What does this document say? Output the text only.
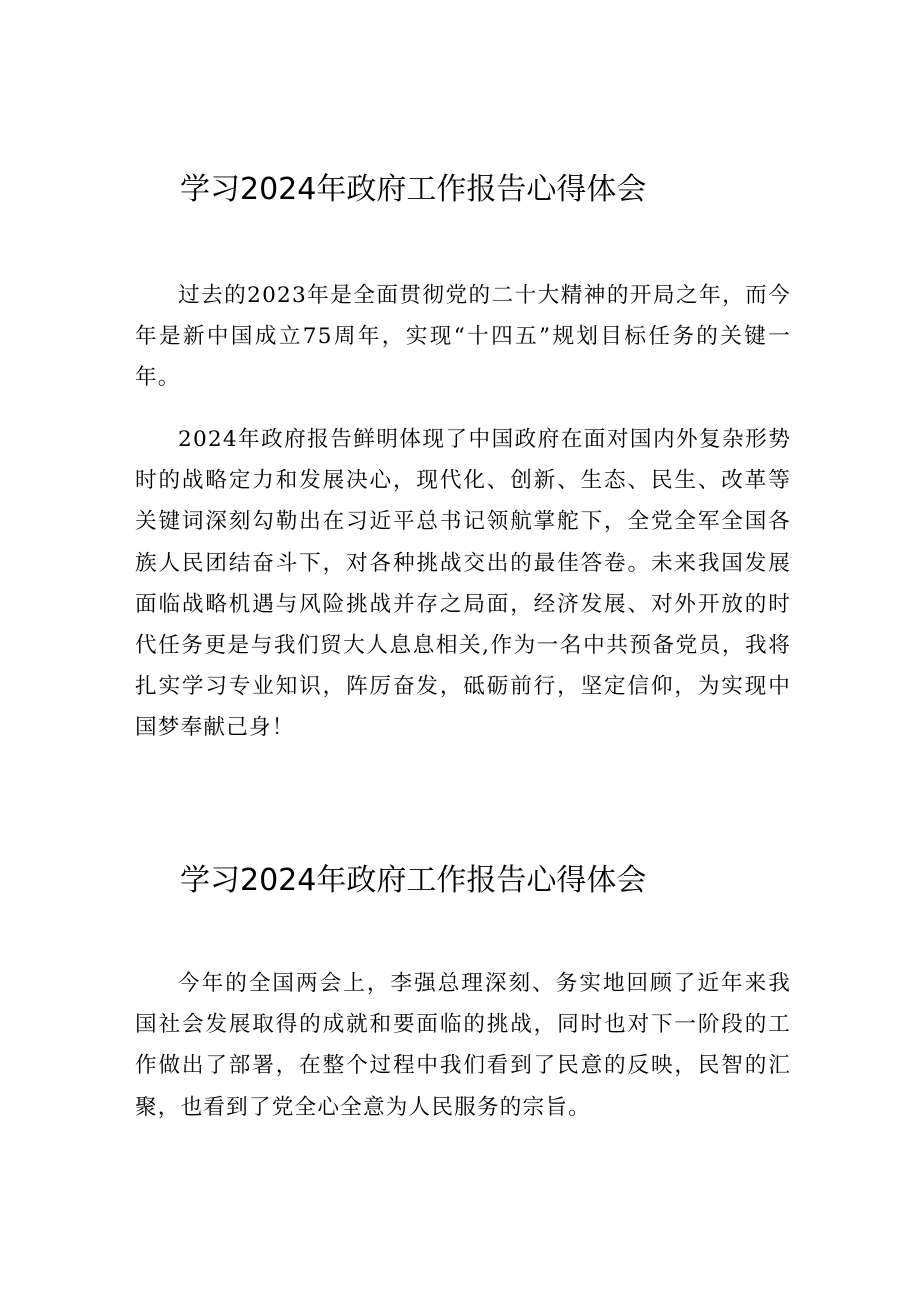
学习2024年政府工作报告心得体会

过去的2023年是全面贯彻党的二十大精神的开局之年，而今年是新中国成立75周年，实现“十四五”规划目标任务的关键一年。

2024年政府报告鲜明体现了中国政府在面对国内外复杂形势时的战略定力和发展决心，现代化、创新、生态、民生、改革等关键词深刻勾勒出在习近平总书记领航掌舵下，全党全军全国各族人民团结奋斗下，对各种挑战交出的最佳答卷。未来我国发展面临战略机遇与风险挑战并存之局面，经济发展、对外开放的时代任务更是与我们贸大人息息相关,作为一名中共预备党员，我将扎实学习专业知识，阵厉奋发，砥砺前行，坚定信仰，为实现中国梦奉献己身！

学习2024年政府工作报告心得体会

今年的全国两会上，李强总理深刻、务实地回顾了近年来我国社会发展取得的成就和要面临的挑战，同时也对下一阶段的工作做出了部署，在整个过程中我们看到了民意的反映，民智的汇聚，也看到了党全心全意为人民服务的宗旨。
